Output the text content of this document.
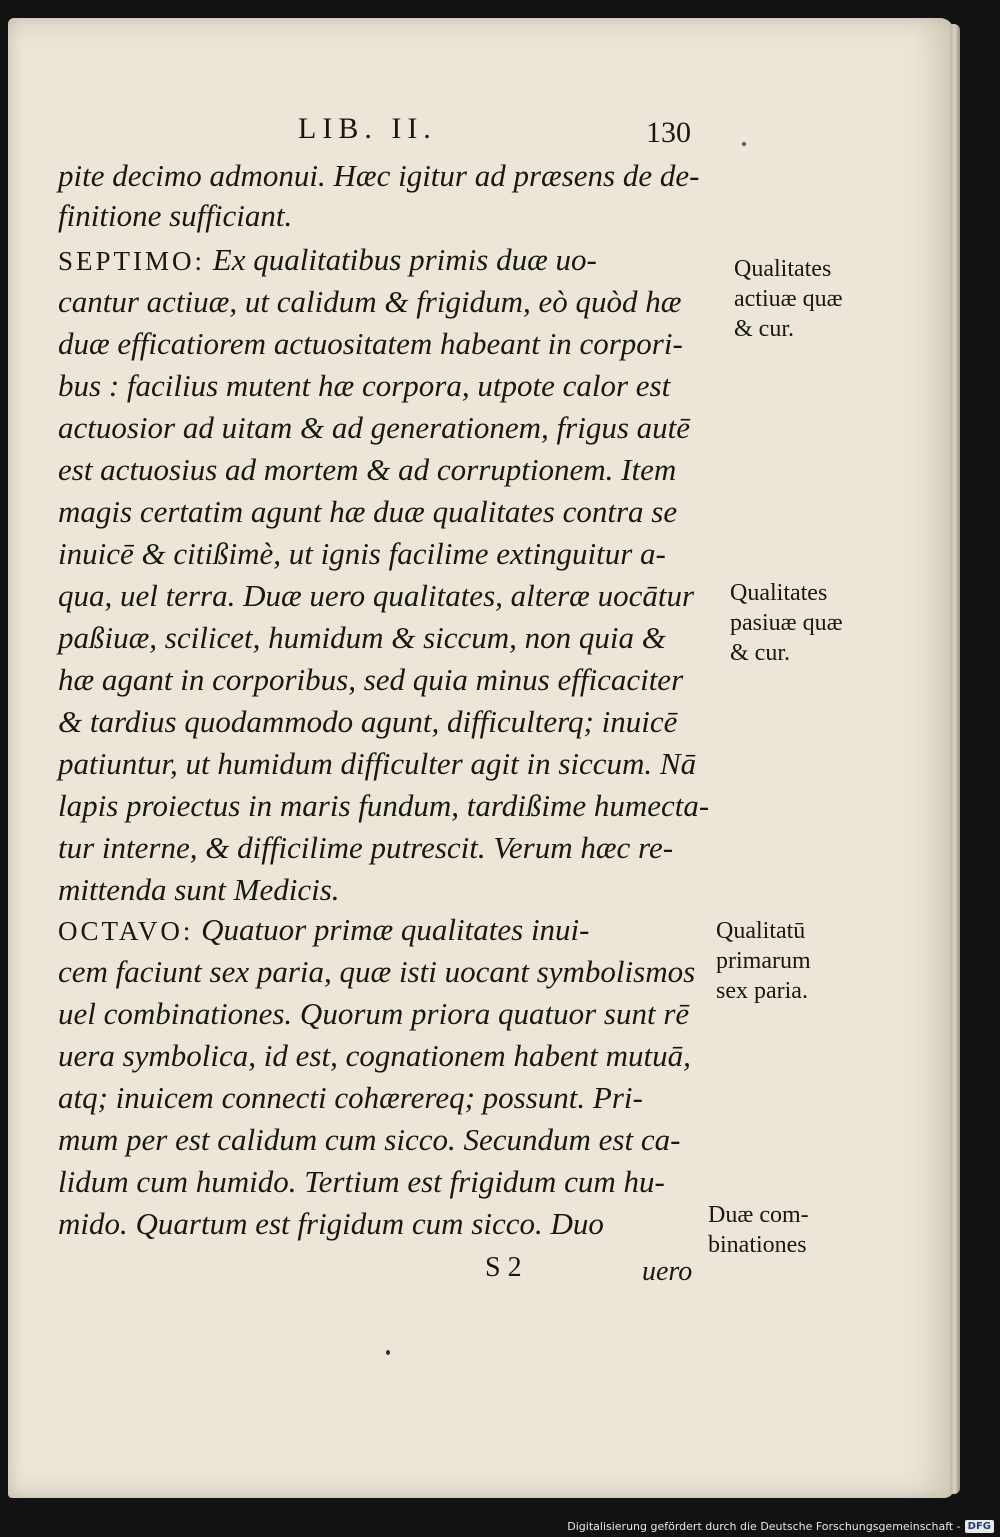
LIB. II.	130
pite decimo admonui. Hæc igitur ad præsens de de-
finitione sufficiant.
cantur actiuæ, ut calidum & frigidum, eò quòd hæ
duæ efficatiorem actuositatem habeant in corpori-
bus : facilius mutent hæ corpora, utpote calor est
actuosior ad uitam & ad generationem, frigus autē
est actuosius ad mortem & ad corruptionem. Item
magis certatim agunt hæ duæ qualitates contra se
inuicē & citißimè, ut ignis facilime extinguitur a-
qua, uel terra. Duæ uero qualitates, alteræ uocātur
paßiuæ, scilicet, humidum & siccum, non quia &
hæ agant in corporibus, sed quia minus efficaciter
& tardius quodammodo agunt, difficulterq; inuicē
patiuntur, ut humidum difficulter agit in siccum. Nā
lapis proiectus in maris fundum, tardißime humecta-
tur interne, & difficilime putrescit. Verum hæc re-
mittenda sunt Medicis.
cem faciunt sex paria, quæ isti uocant symbolismos
uel combinationes. Quorum priora quatuor sunt rē
uera symbolica, id est, cognationem habent mutuā,
atq; inuicem connecti cohærereq; possunt. Pri-
mum per est calidum cum sicco. Secundum est ca-
lidum cum humido. Tertium est frigidum cum hu-
mido. Quartum est frigidum cum sicco. Duo
SEPTIMO: Ex qualitatibus primis duæ uo-
OCTAVO: Quatuor primæ qualitates inui-
Qualitates
actiuæ quæ
& cur.
Qualitates
pasiuæ quæ
& cur.
Qualitatū
primarum
sex paria.
Duæ com-
binationes
S 2	uero
Digitalisierung gefördert durch die Deutsche Forschungsgemeinschaft - DFG
